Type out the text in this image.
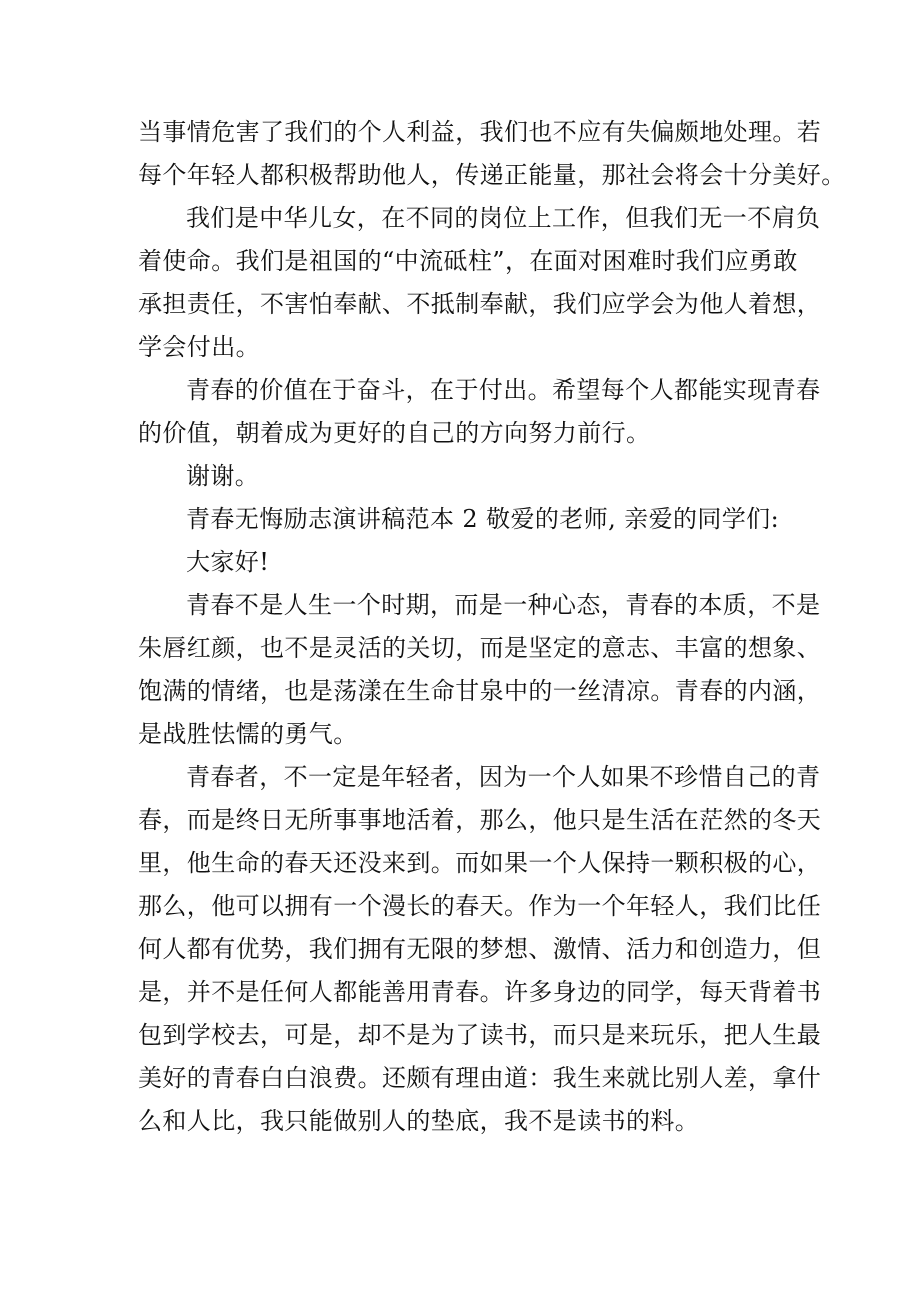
当事情危害了我们的个人利益，我们也不应有失偏颇地处理。若
每个年轻人都积极帮助他人，传递正能量，那社会将会十分美好。
我们是中华儿女，在不同的岗位上工作，但我们无一不肩负
着使命。我们是祖国的“中流砥柱”，在面对困难时我们应勇敢
承担责任，不害怕奉献、不抵制奉献，我们应学会为他人着想，
学会付出。
青春的价值在于奋斗，在于付出。希望每个人都能实现青春
的价值，朝着成为更好的自己的方向努力前行。
谢谢。
青春无悔励志演讲稿范本 2 敬爱的老师, 亲爱的同学们:
大家好!
青春不是人生一个时期，而是一种心态，青春的本质，不是
朱唇红颜，也不是灵活的关切，而是坚定的意志、丰富的想象、
饱满的情绪，也是荡漾在生命甘泉中的一丝清凉。青春的内涵，
是战胜怯懦的勇气。
青春者，不一定是年轻者，因为一个人如果不珍惜自己的青
春，而是终日无所事事地活着，那么，他只是生活在茫然的冬天
里，他生命的春天还没来到。而如果一个人保持一颗积极的心，
那么，他可以拥有一个漫长的春天。作为一个年轻人，我们比任
何人都有优势，我们拥有无限的梦想、激情、活力和创造力，但
是，并不是任何人都能善用青春。许多身边的同学，每天背着书
包到学校去，可是，却不是为了读书，而只是来玩乐，把人生最
美好的青春白白浪费。还颇有理由道：我生来就比别人差，拿什
么和人比，我只能做别人的垫底，我不是读书的料。
